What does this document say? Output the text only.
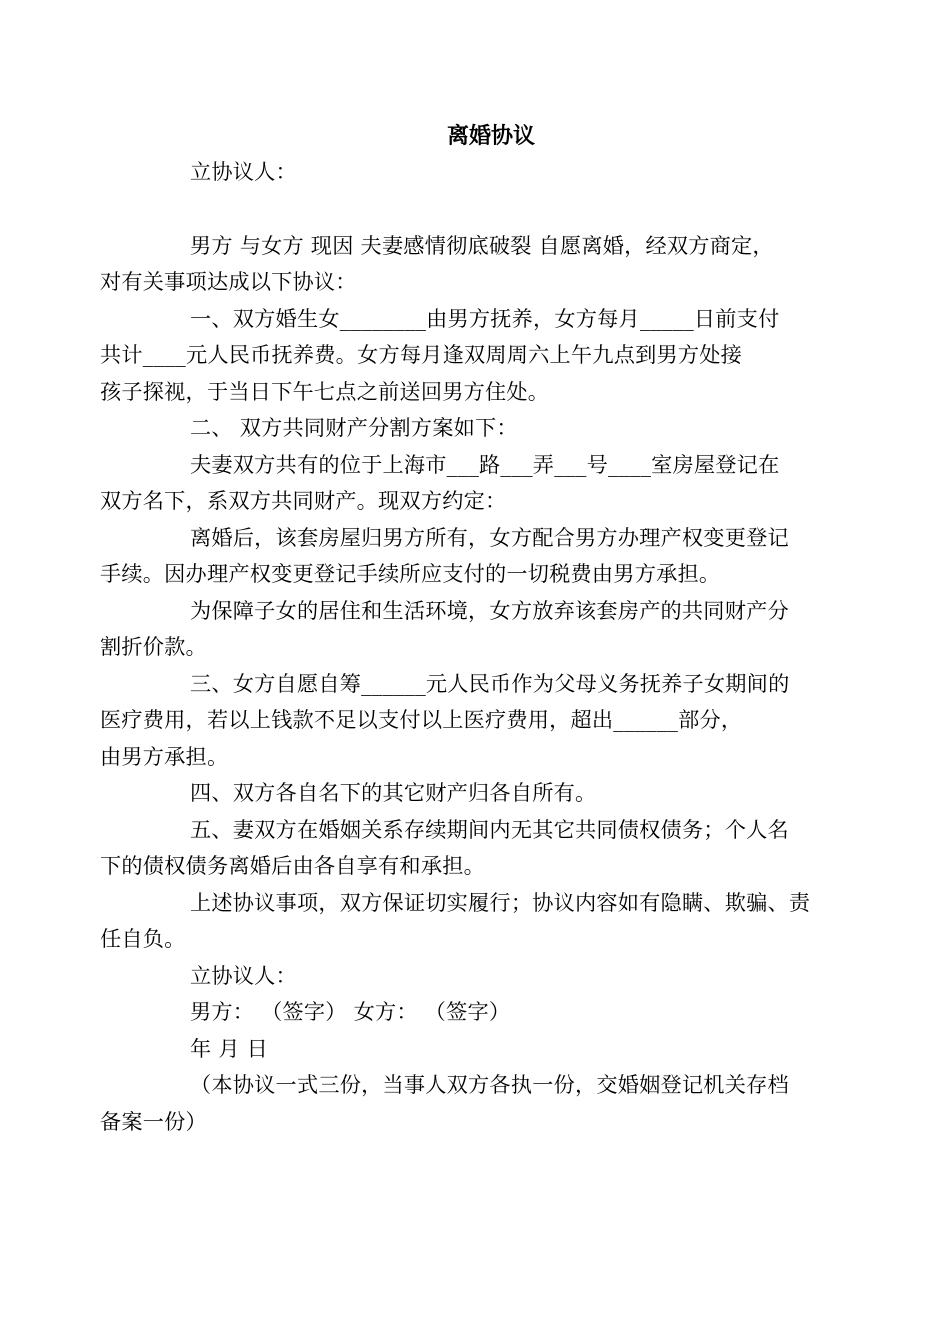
离婚协议

立协议人：

男方 与女方 现因 夫妻感情彻底破裂 自愿离婚，经双方商定，
对有关事项达成以下协议：

一、双方婚生女________由男方抚养，女方每月_____日前支付
共计____元人民币抚养费。女方每月逢双周周六上午九点到男方处接
孩子探视，于当日下午七点之前送回男方住处。

二、 双方共同财产分割方案如下：

夫妻双方共有的位于上海市___路___弄___号____室房屋登记在
双方名下，系双方共同财产。现双方约定：

离婚后，该套房屋归男方所有，女方配合男方办理产权变更登记
手续。因办理产权变更登记手续所应支付的一切税费由男方承担。

为保障子女的居住和生活环境，女方放弃该套房产的共同财产分
割折价款。

三、女方自愿自筹______元人民币作为父母义务抚养子女期间的
医疗费用，若以上钱款不足以支付以上医疗费用，超出______部分，
由男方承担。

四、双方各自名下的其它财产归各自所有。

五、妻双方在婚姻关系存续期间内无其它共同债权债务；个人名
下的债权债务离婚后由各自享有和承担。

上述协议事项，双方保证切实履行；协议内容如有隐瞒、欺骗、责
任自负。

立协议人：

男方： （签字） 女方： （签字）

年 月 日

（本协议一式三份，当事人双方各执一份，交婚姻登记机关存档
备案一份）
